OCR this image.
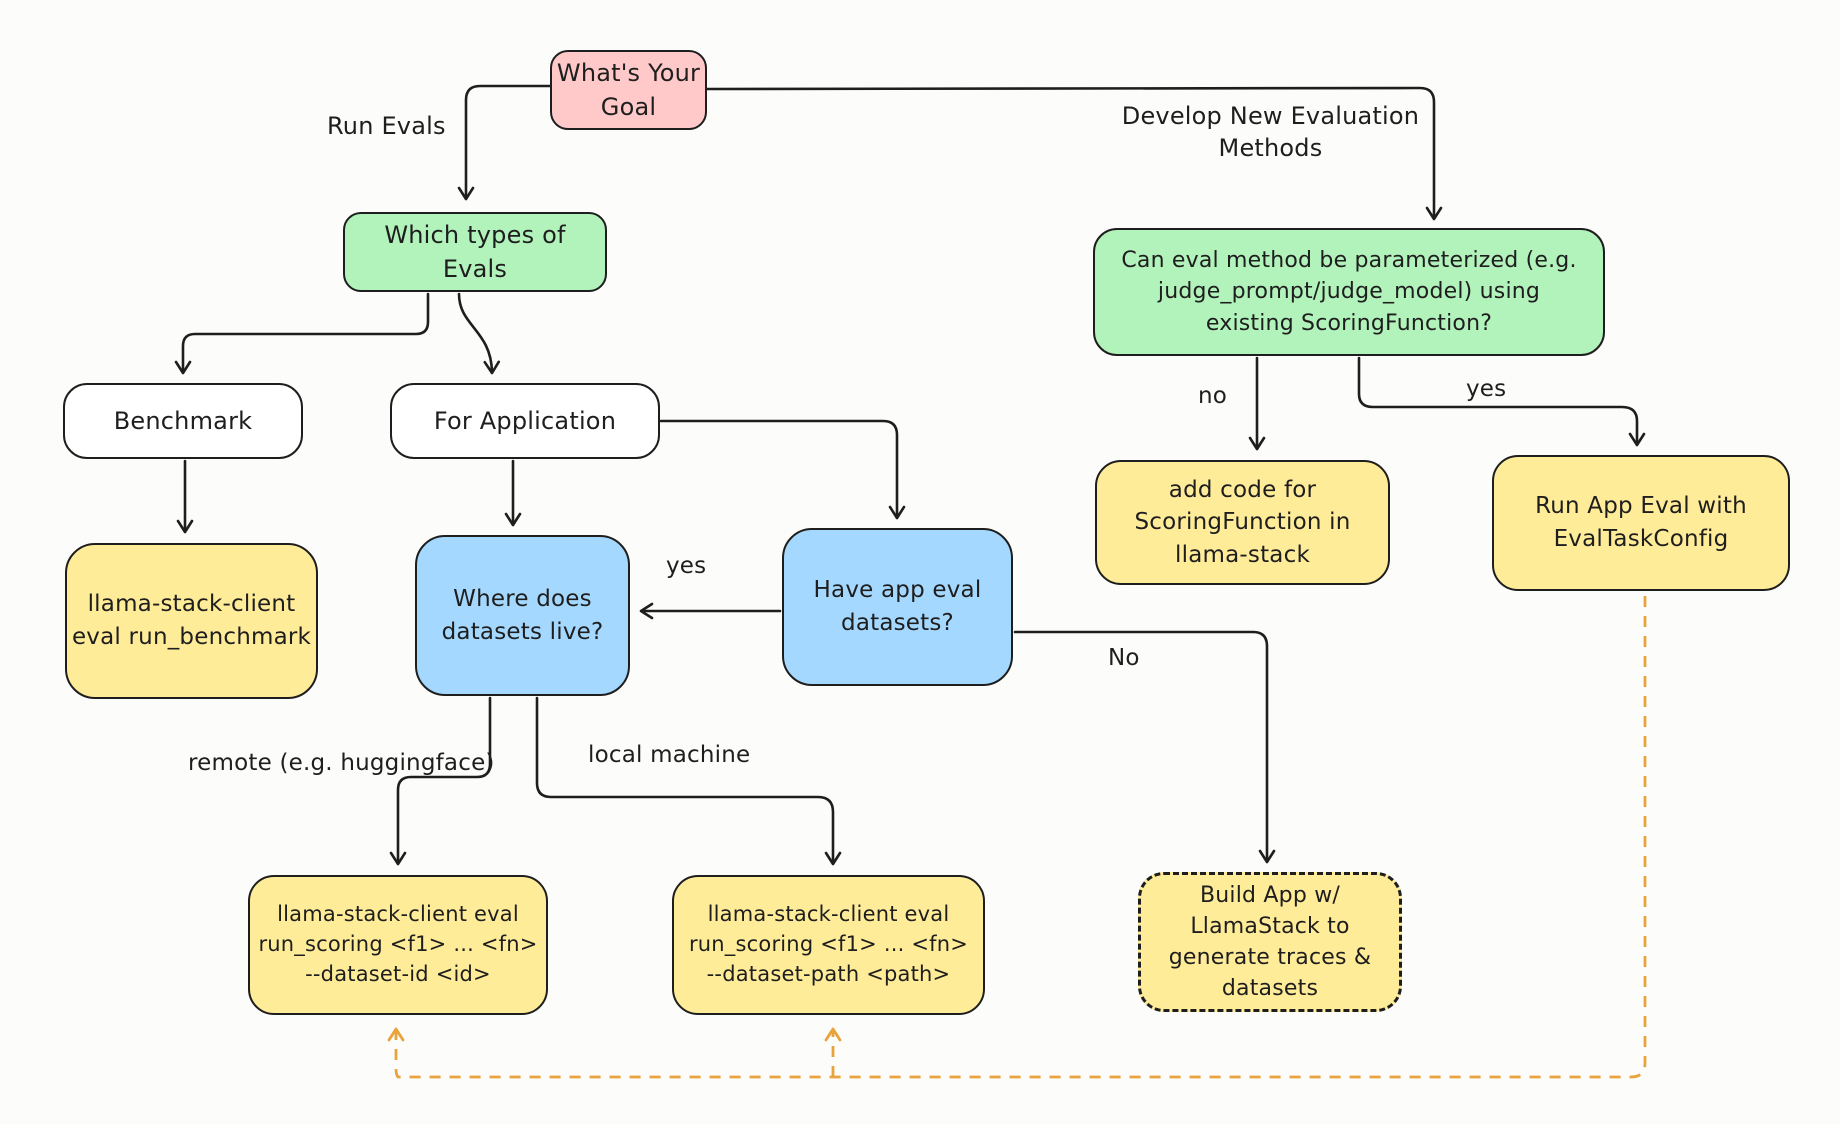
What's Your
Goal
Which types of
Evals
Benchmark	For Application
llama-stack-client
eval run_benchmark
Where does
datasets live?
Have app eval
datasets?
Can eval method be parameterized (e.g.
judge_prompt/judge_model) using
existing ScoringFunction?
add code for
ScoringFunction in
llama-stack
Run App Eval with
EvalTaskConfig
llama-stack-client eval
run_scoring <f1> ... <fn>
--dataset-id <id>
llama-stack-client eval
run_scoring <f1> ... <fn>
--dataset-path <path>
Build App w/
LlamaStack to
generate traces &
datasets
Run Evals	Develop New Evaluation
Methods
yes
no	yes
remote (e.g. huggingface)	local machine
No
